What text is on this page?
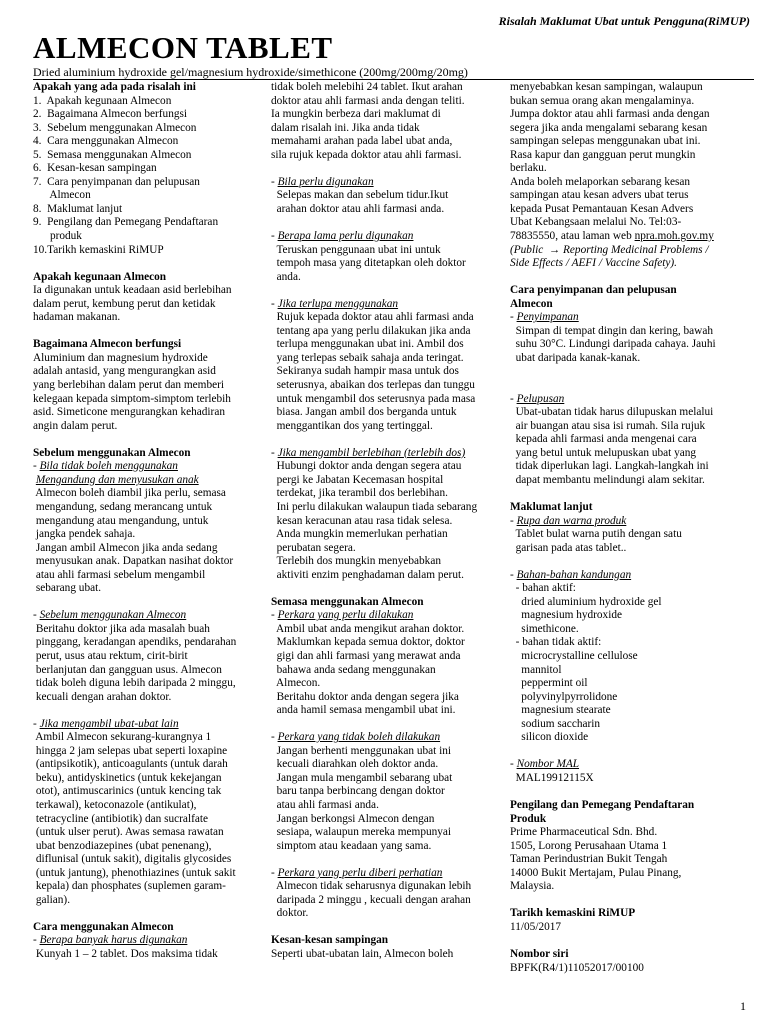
Risalah Maklumat Ubat untuk Pengguna(RiMUP)
ALMECON TABLET
Dried aluminium hydroxide gel/magnesium hydroxide/simethicone (200mg/200mg/20mg)
Apakah yang ada pada risalah ini
1.  Apakah kegunaan Almecon
2.  Bagaimana Almecon berfungsi
3.  Sebelum menggunakan Almecon
4.  Cara menggunakan Almecon
5.  Semasa menggunakan Almecon
6.  Kesan-kesan sampingan
7.  Cara penyimpanan dan pelupusan
Almecon
8.  Maklumat lanjut
9.  Pengilang dan Pemegang Pendaftaran
produk
10.Tarikh kemaskini RiMUP
Apakah kegunaan Almecon
Ia digunakan untuk keadaan asid berlebihan
dalam perut, kembung perut dan ketidak
hadaman makanan.
Bagaimana Almecon berfungsi
Aluminium dan magnesium hydroxide
adalah antasid, yang mengurangkan asid
yang berlebihan dalam perut dan memberi
kelegaan kepada simptom-simptom terlebih
asid. Simeticone mengurangkan kehadiran
angin dalam perut.
Sebelum menggunakan Almecon
- Bila tidak boleh menggunakan
Mengandung dan menyusukan anak
Almecon boleh diambil jika perlu, semasa
mengandung, sedang merancang untuk
mengandung atau mengandung, untuk
jangka pendek sahaja.
Jangan ambil Almecon jika anda sedang
menyusukan anak. Dapatkan nasihat doktor
atau ahli farmasi sebelum mengambil
sebarang ubat.
- Sebelum menggunakan Almecon
Beritahu doktor jika ada masalah buah
pinggang, keradangan apendiks, pendarahan
perut, usus atau rektum, cirit-birit
berlanjutan dan gangguan usus. Almecon
tidak boleh diguna lebih daripada 2 minggu,
kecuali dengan arahan doktor.
- Jika mengambil ubat-ubat lain
Ambil Almecon sekurang-kurangnya 1
hingga 2 jam selepas ubat seperti loxapine
(antipsikotik), anticoagulants (untuk darah
beku), antidyskinetics (untuk kekejangan
otot), antimuscarinics (untuk kencing tak
terkawal), ketoconazole (antikulat),
tetracycline (antibiotik) dan sucralfate
(untuk ulser perut). Awas semasa rawatan
ubat benzodiazepines (ubat penenang),
diflunisal (untuk sakit), digitalis glycosides
(untuk jantung), phenothiazines (untuk sakit
kepala) dan phosphates (suplemen garam-
galian).
Cara menggunakan Almecon
- Berapa banyak harus digunakan
Kunyah 1 – 2 tablet. Dos maksima tidak
tidak boleh melebihi 24 tablet. Ikut arahan
doktor atau ahli farmasi anda dengan teliti.
Ia mungkin berbeza dari maklumat di
dalam risalah ini. Jika anda tidak
memahami arahan pada label ubat anda,
sila rujuk kepada doktor atau ahli farmasi.
- Bila perlu digunakan
Selepas makan dan sebelum tidur.Ikut
arahan doktor atau ahli farmasi anda.
- Berapa lama perlu digunakan
Teruskan penggunaan ubat ini untuk
tempoh masa yang ditetapkan oleh doktor
anda.
- Jika terlupa menggunakan
Rujuk kepada doktor atau ahli farmasi anda
tentang apa yang perlu dilakukan jika anda
terlupa menggunakan ubat ini. Ambil dos
yang terlepas sebaik sahaja anda teringat.
Sekiranya sudah hampir masa untuk dos
seterusnya, abaikan dos terlepas dan tunggu
untuk mengambil dos seterusnya pada masa
biasa. Jangan ambil dos berganda untuk
menggantikan dos yang tertinggal.
- Jika mengambil berlebihan (terlebih dos)
Hubungi doktor anda dengan segera atau
pergi ke Jabatan Kecemasan hospital
terdekat, jika terambil dos berlebihan.
Ini perlu dilakukan walaupun tiada sebarang
kesan keracunan atau rasa tidak selesa.
Anda mungkin memerlukan perhatian
perubatan segera.
Terlebih dos mungkin menyebabkan
aktiviti enzim penghadaman dalam perut.
Semasa menggunakan Almecon
- Perkara yang perlu dilakukan
Ambil ubat anda mengikut arahan doktor.
Maklumkan kepada semua doktor, doktor
gigi dan ahli farmasi yang merawat anda
bahawa anda sedang menggunakan
Almecon.
Beritahu doktor anda dengan segera jika
anda hamil semasa mengambil ubat ini.
- Perkara yang tidak boleh dilakukan
Jangan berhenti menggunakan ubat ini
kecuali diarahkan oleh doktor anda.
Jangan mula mengambil sebarang ubat
baru tanpa berbincang dengan doktor
atau ahli farmasi anda.
Jangan berkongsi Almecon dengan
sesiapa, walaupun mereka mempunyai
simptom atau keadaan yang sama.
- Perkara yang perlu diberi perhatian
Almecon tidak seharusnya digunakan lebih
daripada 2 minggu , kecuali dengan arahan
doktor.
Kesan-kesan sampingan
Seperti ubat-ubatan lain, Almecon boleh
menyebabkan kesan sampingan, walaupun
bukan semua orang akan mengalaminya.
Jumpa doktor atau ahli farmasi anda dengan
segera jika anda mengalami sebarang kesan
sampingan selepas menggunakan ubat ini.
Rasa kapur dan gangguan perut mungkin
berlaku.
Anda boleh melaporkan sebarang kesan
sampingan atau kesan advers ubat terus
kepada Pusat Pemantauan Kesan Advers
Ubat Kebangsaan melalui No. Tel:03-
78835550, atau laman web npra.moh.gov.my
(Public  → Reporting Medicinal Problems /
Side Effects / AEFI / Vaccine Safety).
Cara penyimpanan dan pelupusan
Almecon
- Penyimpanan
Simpan di tempat dingin dan kering, bawah
suhu 30°C. Lindungi daripada cahaya. Jauhi
ubat daripada kanak-kanak.
- Pelupusan
Ubat-ubatan tidak harus dilupuskan melalui
air buangan atau sisa isi rumah. Sila rujuk
kepada ahli farmasi anda mengenai cara
yang betul untuk melupuskan ubat yang
tidak diperlukan lagi. Langkah-langkah ini
dapat membantu melindungi alam sekitar.
Maklumat lanjut
- Rupa dan warna produk
Tablet bulat warna putih dengan satu
garisan pada atas tablet..
- Bahan-bahan kandungan
- bahan aktif:
dried aluminium hydroxide gel
magnesium hydroxide
simethicone.
- bahan tidak aktif:
microcrystalline cellulose
mannitol
peppermint oil
polyvinylpyrrolidone
magnesium stearate
sodium saccharin
silicon dioxide
- Nombor MAL
MAL19912115X
Pengilang dan Pemegang Pendaftaran
Produk
Prime Pharmaceutical Sdn. Bhd.
1505, Lorong Perusahaan Utama 1
Taman Perindustrian Bukit Tengah
14000 Bukit Mertajam, Pulau Pinang,
Malaysia.
Tarikh kemaskini RiMUP
11/05/2017
Nombor siri
BPFK(R4/1)11052017/00100
1
